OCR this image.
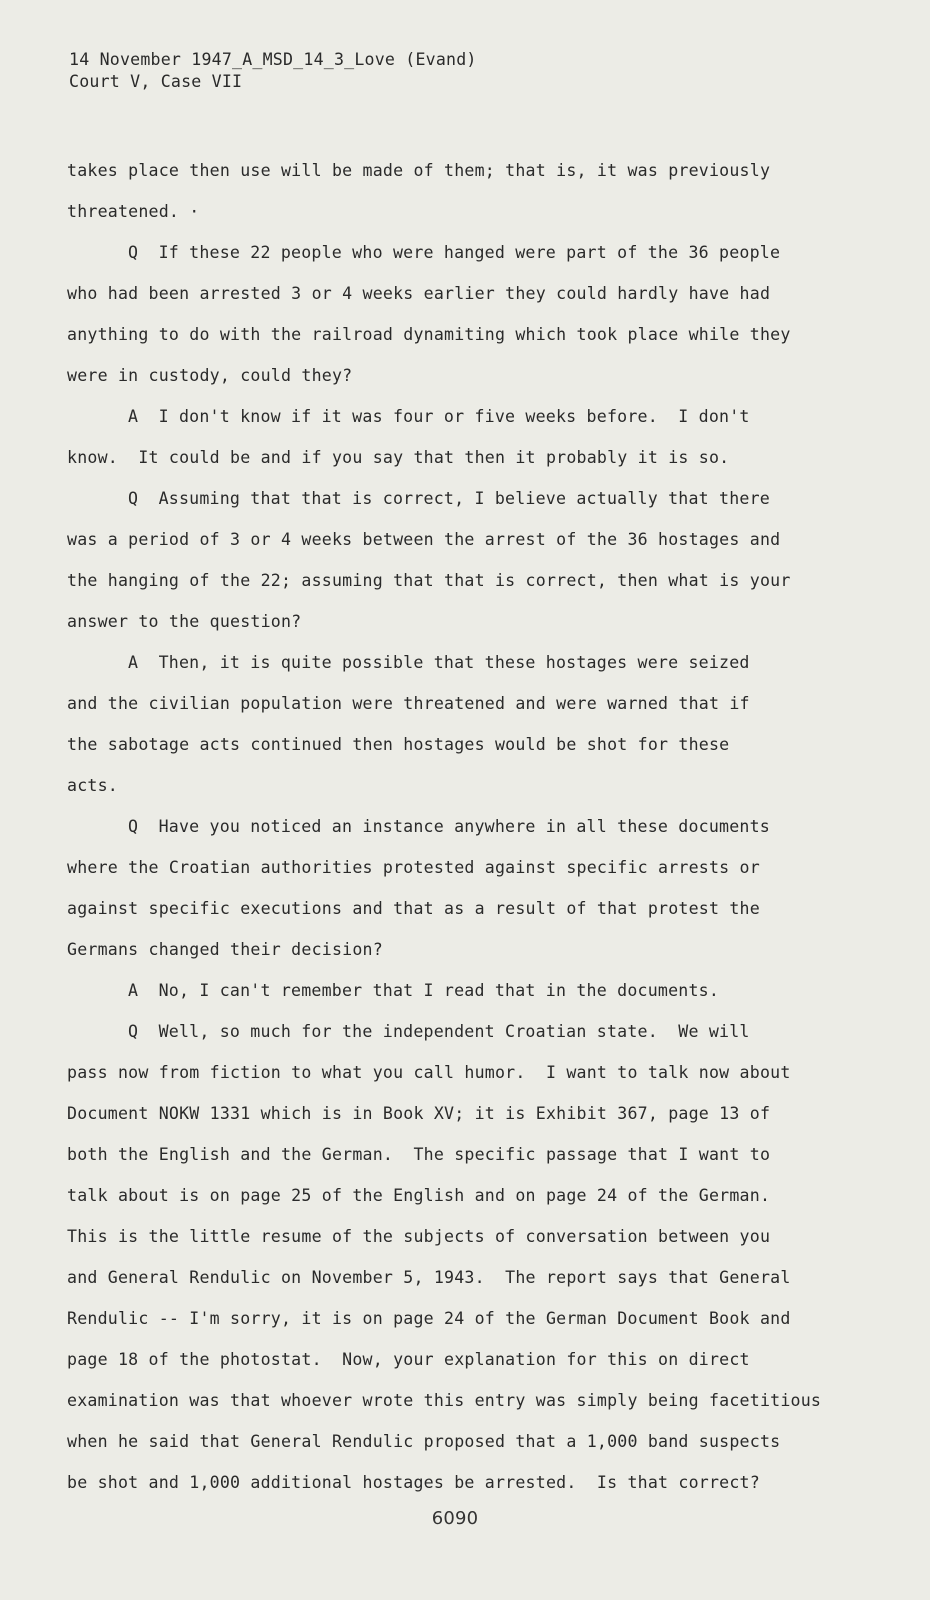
14 November 1947_A_MSD_14_3_Love (Evand)
Court V, Case VII
takes place then use will be made of them; that is, it was previously
threatened. ·
Q  If these 22 people who were hanged were part of the 36 people
who had been arrested 3 or 4 weeks earlier they could hardly have had
anything to do with the railroad dynamiting which took place while they
were in custody, could they?
A  I don't know if it was four or five weeks before.  I don't
know.  It could be and if you say that then it probably it is so.
Q  Assuming that that is correct, I believe actually that there
was a period of 3 or 4 weeks between the arrest of the 36 hostages and
the hanging of the 22; assuming that that is correct, then what is your
answer to the question?
A  Then, it is quite possible that these hostages were seized
and the civilian population were threatened and were warned that if
the sabotage acts continued then hostages would be shot for these
acts.
Q  Have you noticed an instance anywhere in all these documents
where the Croatian authorities protested against specific arrests or
against specific executions and that as a result of that protest the
Germans changed their decision?
A  No, I can't remember that I read that in the documents.
Q  Well, so much for the independent Croatian state.  We will
pass now from fiction to what you call humor.  I want to talk now about
Document NOKW 1331 which is in Book XV; it is Exhibit 367, page 13 of
both the English and the German.  The specific passage that I want to
talk about is on page 25 of the English and on page 24 of the German.
This is the little resume of the subjects of conversation between you
and General Rendulic on November 5, 1943.  The report says that General
Rendulic -- I'm sorry, it is on page 24 of the German Document Book and
page 18 of the photostat.  Now, your explanation for this on direct
examination was that whoever wrote this entry was simply being facetitious
when he said that General Rendulic proposed that a 1,000 band suspects
be shot and 1,000 additional hostages be arrested.  Is that correct?
6090
